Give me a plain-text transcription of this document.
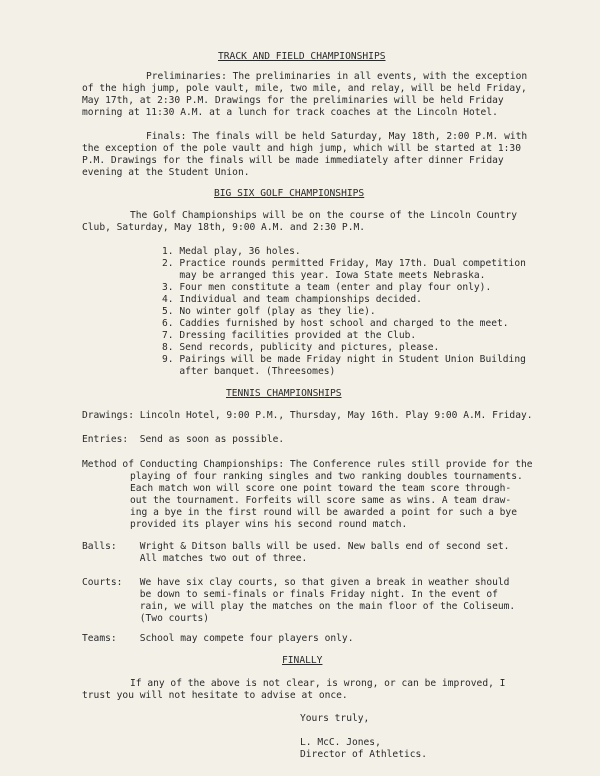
TRACK AND FIELD CHAMPIONSHIPS
Preliminaries: The preliminaries in all events, with the exception
of the high jump, pole vault, mile, two mile, and relay, will be held Friday,
May 17th, at 2:30 P.M. Drawings for the preliminaries will be held Friday
morning at 11:30 A.M. at a lunch for track coaches at the Lincoln Hotel.
Finals: The finals will be held Saturday, May 18th, 2:00 P.M. with
the exception of the pole vault and high jump, which will be started at 1:30
P.M. Drawings for the finals will be made immediately after dinner Friday
evening at the Student Union.
BIG SIX GOLF CHAMPIONSHIPS
The Golf Championships will be on the course of the Lincoln Country
Club, Saturday, May 18th, 9:00 A.M. and 2:30 P.M.
1. Medal play, 36 holes.
2. Practice rounds permitted Friday, May 17th. Dual competition
may be arranged this year. Iowa State meets Nebraska.
3. Four men constitute a team (enter and play four only).
4. Individual and team championships decided.
5. No winter golf (play as they lie).
6. Caddies furnished by host school and charged to the meet.
7. Dressing facilities provided at the Club.
8. Send records, publicity and pictures, please.
9. Pairings will be made Friday night in Student Union Building
after banquet. (Threesomes)
TENNIS CHAMPIONSHIPS
Drawings: Lincoln Hotel, 9:00 P.M., Thursday, May 16th. Play 9:00 A.M. Friday.
Entries:  Send as soon as possible.
Method of Conducting Championships: The Conference rules still provide for the
playing of four ranking singles and two ranking doubles tournaments.
Each match won will score one point toward the team score through-
out the tournament. Forfeits will score same as wins. A team draw-
ing a bye in the first round will be awarded a point for such a bye
provided its player wins his second round match.
Balls:    Wright & Ditson balls will be used. New balls end of second set.
All matches two out of three.
Courts:   We have six clay courts, so that given a break in weather should
be down to semi-finals or finals Friday night. In the event of
rain, we will play the matches on the main floor of the Coliseum.
(Two courts)
Teams:    School may compete four players only.
FINALLY
If any of the above is not clear, is wrong, or can be improved, I
trust you will not hesitate to advise at once.
Yours truly,
L. McC. Jones,
Director of Athletics.
